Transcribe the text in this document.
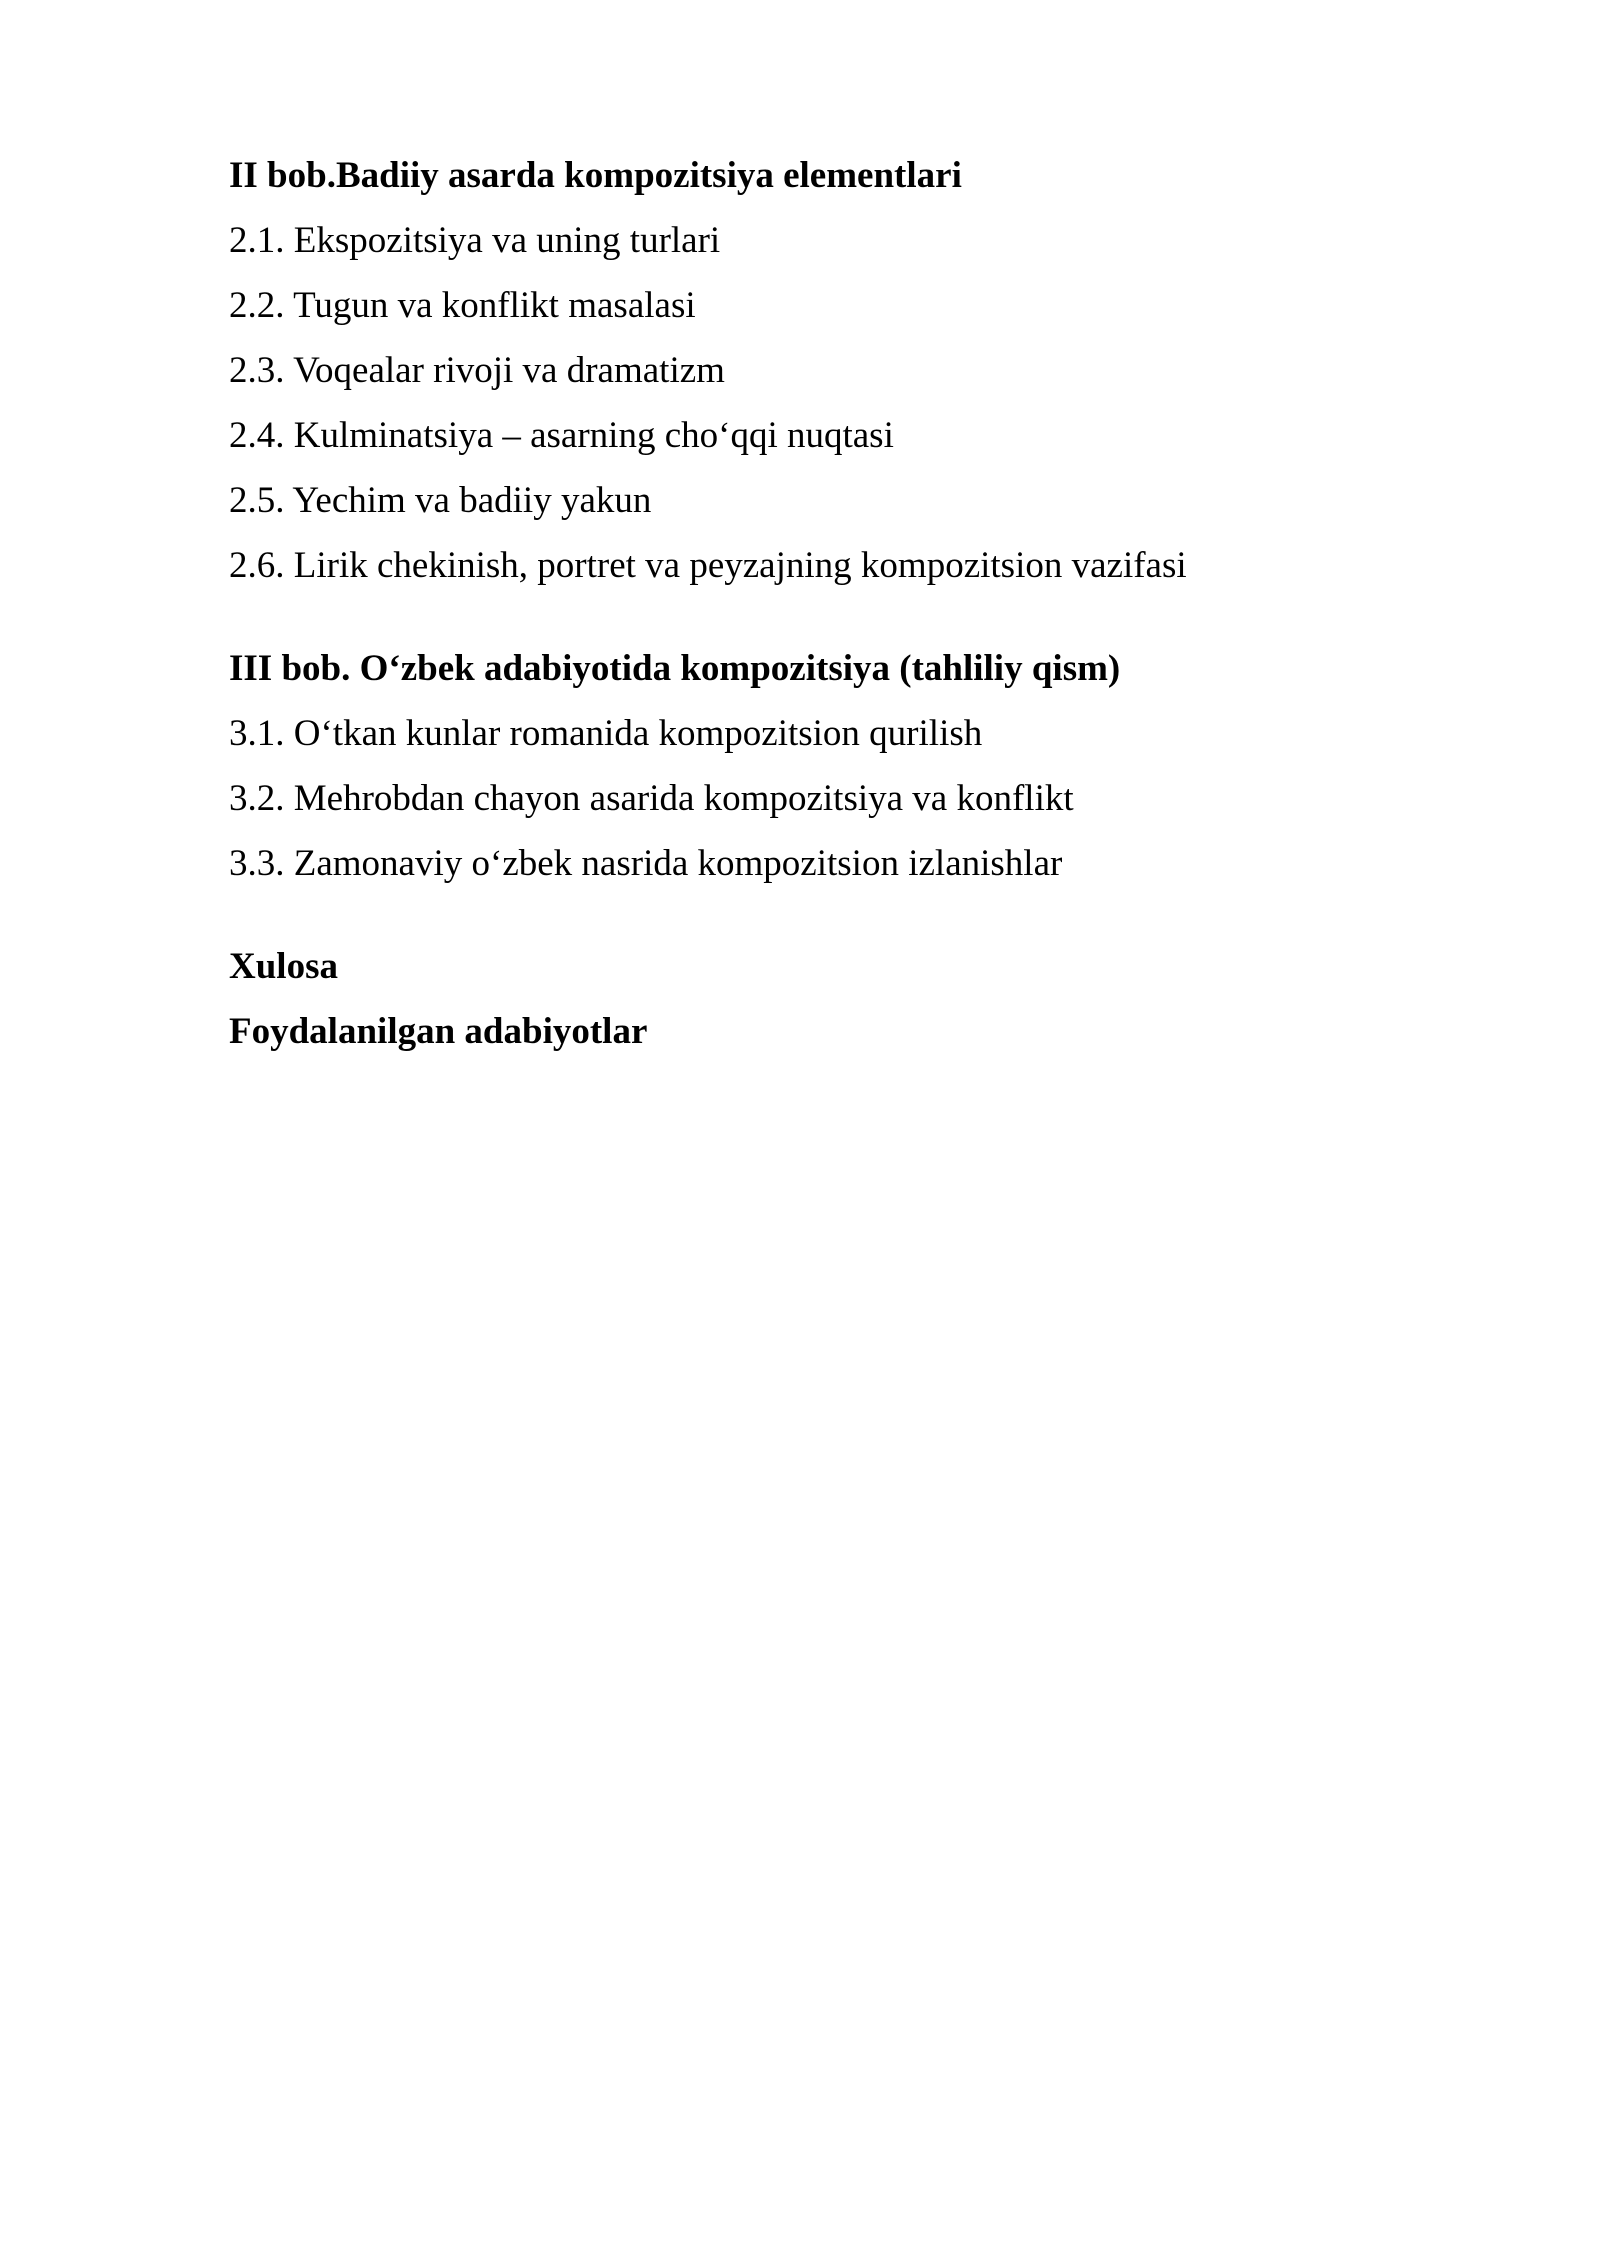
II bob.Badiiy asarda kompozitsiya elementlari
2.1. Ekspozitsiya va uning turlari
2.2. Tugun va konflikt masalasi
2.3. Voqealar rivoji va dramatizm
2.4. Kulminatsiya – asarning cho‘qqi nuqtasi
2.5. Yechim va badiiy yakun
2.6. Lirik chekinish, portret va peyzajning kompozitsion vazifasi
III bob. O‘zbek adabiyotida kompozitsiya (tahliliy qism)
3.1. O‘tkan kunlar romanida kompozitsion qurilish
3.2. Mehrobdan chayon asarida kompozitsiya va konflikt
3.3. Zamonaviy o‘zbek nasrida kompozitsion izlanishlar
Xulosa
Foydalanilgan adabiyotlar
